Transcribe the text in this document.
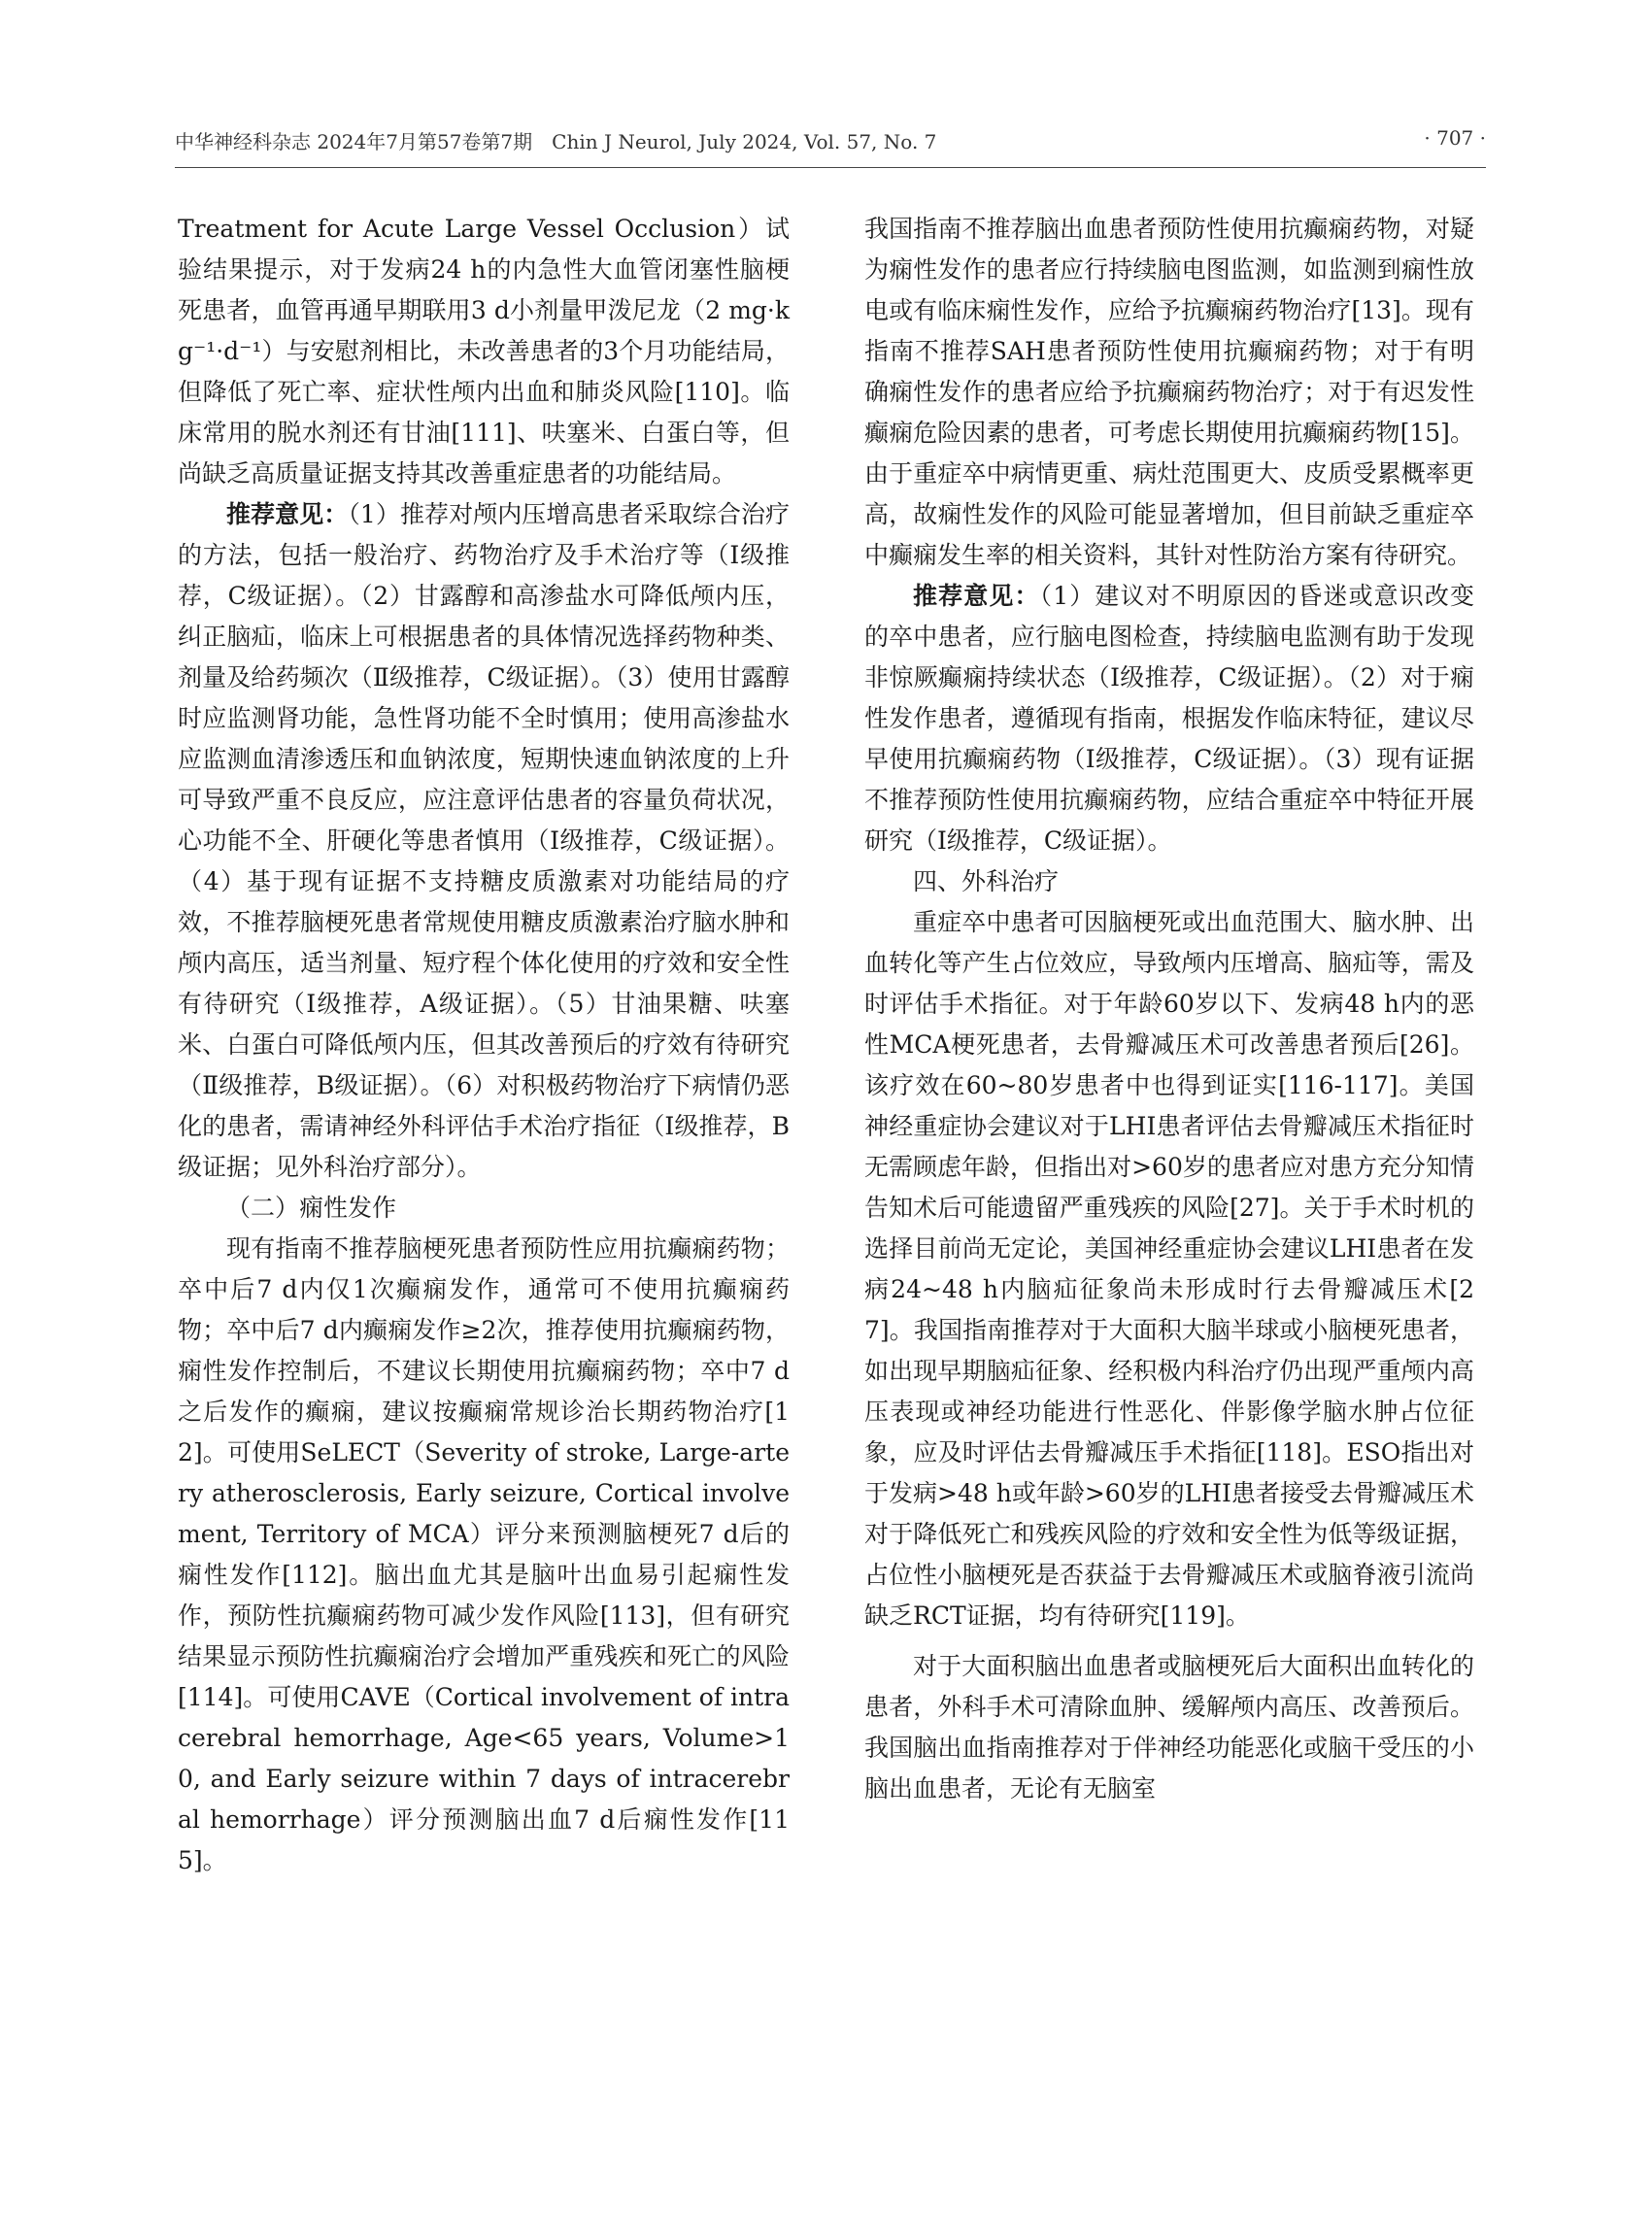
中华神经科杂志 2024年7月第57卷第7期　Chin J Neurol, July 2024, Vol. 57, No. 7	· 707 ·

Treatment for Acute Large Vessel Occlusion）试验结果提示，对于发病24 h的内急性大血管闭塞性脑梗死患者，血管再通早期联用3 d小剂量甲泼尼龙（2 mg·kg⁻¹·d⁻¹）与安慰剂相比，未改善患者的3个月功能结局，但降低了死亡率、症状性颅内出血和肺炎风险[110]。临床常用的脱水剂还有甘油[111]、呋塞米、白蛋白等，但尚缺乏高质量证据支持其改善重症患者的功能结局。

推荐意见：（1）推荐对颅内压增高患者采取综合治疗的方法，包括一般治疗、药物治疗及手术治疗等（Ⅰ级推荐，C级证据）。（2）甘露醇和高渗盐水可降低颅内压，纠正脑疝，临床上可根据患者的具体情况选择药物种类、剂量及给药频次（Ⅱ级推荐，C级证据）。（3）使用甘露醇时应监测肾功能，急性肾功能不全时慎用；使用高渗盐水应监测血清渗透压和血钠浓度，短期快速血钠浓度的上升可导致严重不良反应，应注意评估患者的容量负荷状况，心功能不全、肝硬化等患者慎用（Ⅰ级推荐，C级证据）。（4）基于现有证据不支持糖皮质激素对功能结局的疗效，不推荐脑梗死患者常规使用糖皮质激素治疗脑水肿和颅内高压，适当剂量、短疗程个体化使用的疗效和安全性有待研究（Ⅰ级推荐，A级证据）。（5）甘油果糖、呋塞米、白蛋白可降低颅内压，但其改善预后的疗效有待研究（Ⅱ级推荐，B级证据）。（6）对积极药物治疗下病情仍恶化的患者，需请神经外科评估手术治疗指征（Ⅰ级推荐，B级证据；见外科治疗部分）。

（二）痫性发作

现有指南不推荐脑梗死患者预防性应用抗癫痫药物；卒中后7 d内仅1次癫痫发作，通常可不使用抗癫痫药物；卒中后7 d内癫痫发作≥2次，推荐使用抗癫痫药物，痫性发作控制后，不建议长期使用抗癫痫药物；卒中7 d之后发作的癫痫，建议按癫痫常规诊治长期药物治疗[12]。可使用SeLECT（Severity of stroke, Large-artery atherosclerosis, Early seizure, Cortical involvement, Territory of MCA）评分来预测脑梗死7 d后的痫性发作[112]。脑出血尤其是脑叶出血易引起痫性发作，预防性抗癫痫药物可减少发作风险[113]，但有研究结果显示预防性抗癫痫治疗会增加严重残疾和死亡的风险[114]。可使用CAVE（Cortical involvement of intracerebral hemorrhage, Age<65 years, Volume>10, and Early seizure within 7 days of intracerebral hemorrhage）评分预测脑出血7 d后痫性发作[115]。

我国指南不推荐脑出血患者预防性使用抗癫痫药物，对疑为痫性发作的患者应行持续脑电图监测，如监测到痫性放电或有临床痫性发作，应给予抗癫痫药物治疗[13]。现有指南不推荐SAH患者预防性使用抗癫痫药物；对于有明确痫性发作的患者应给予抗癫痫药物治疗；对于有迟发性癫痫危险因素的患者，可考虑长期使用抗癫痫药物[15]。由于重症卒中病情更重、病灶范围更大、皮质受累概率更高，故痫性发作的风险可能显著增加，但目前缺乏重症卒中癫痫发生率的相关资料，其针对性防治方案有待研究。

推荐意见：（1）建议对不明原因的昏迷或意识改变的卒中患者，应行脑电图检查，持续脑电监测有助于发现非惊厥癫痫持续状态（Ⅰ级推荐，C级证据）。（2）对于痫性发作患者，遵循现有指南，根据发作临床特征，建议尽早使用抗癫痫药物（Ⅰ级推荐，C级证据）。（3）现有证据不推荐预防性使用抗癫痫药物，应结合重症卒中特征开展研究（Ⅰ级推荐，C级证据）。

四、外科治疗

重症卒中患者可因脑梗死或出血范围大、脑水肿、出血转化等产生占位效应，导致颅内压增高、脑疝等，需及时评估手术指征。对于年龄60岁以下、发病48 h内的恶性MCA梗死患者，去骨瓣减压术可改善患者预后[26]。该疗效在60~80岁患者中也得到证实[116-117]。美国神经重症协会建议对于LHI患者评估去骨瓣减压术指征时无需顾虑年龄，但指出对>60岁的患者应对患方充分知情告知术后可能遗留严重残疾的风险[27]。关于手术时机的选择目前尚无定论，美国神经重症协会建议LHI患者在发病24~48 h内脑疝征象尚未形成时行去骨瓣减压术[27]。我国指南推荐对于大面积大脑半球或小脑梗死患者，如出现早期脑疝征象、经积极内科治疗仍出现严重颅内高压表现或神经功能进行性恶化、伴影像学脑水肿占位征象，应及时评估去骨瓣减压手术指征[118]。ESO指出对于发病>48 h或年龄>60岁的LHI患者接受去骨瓣减压术对于降低死亡和残疾风险的疗效和安全性为低等级证据，占位性小脑梗死是否获益于去骨瓣减压术或脑脊液引流尚缺乏RCT证据，均有待研究[119]。

对于大面积脑出血患者或脑梗死后大面积出血转化的患者，外科手术可清除血肿、缓解颅内高压、改善预后。我国脑出血指南推荐对于伴神经功能恶化或脑干受压的小脑出血患者，无论有无脑室
